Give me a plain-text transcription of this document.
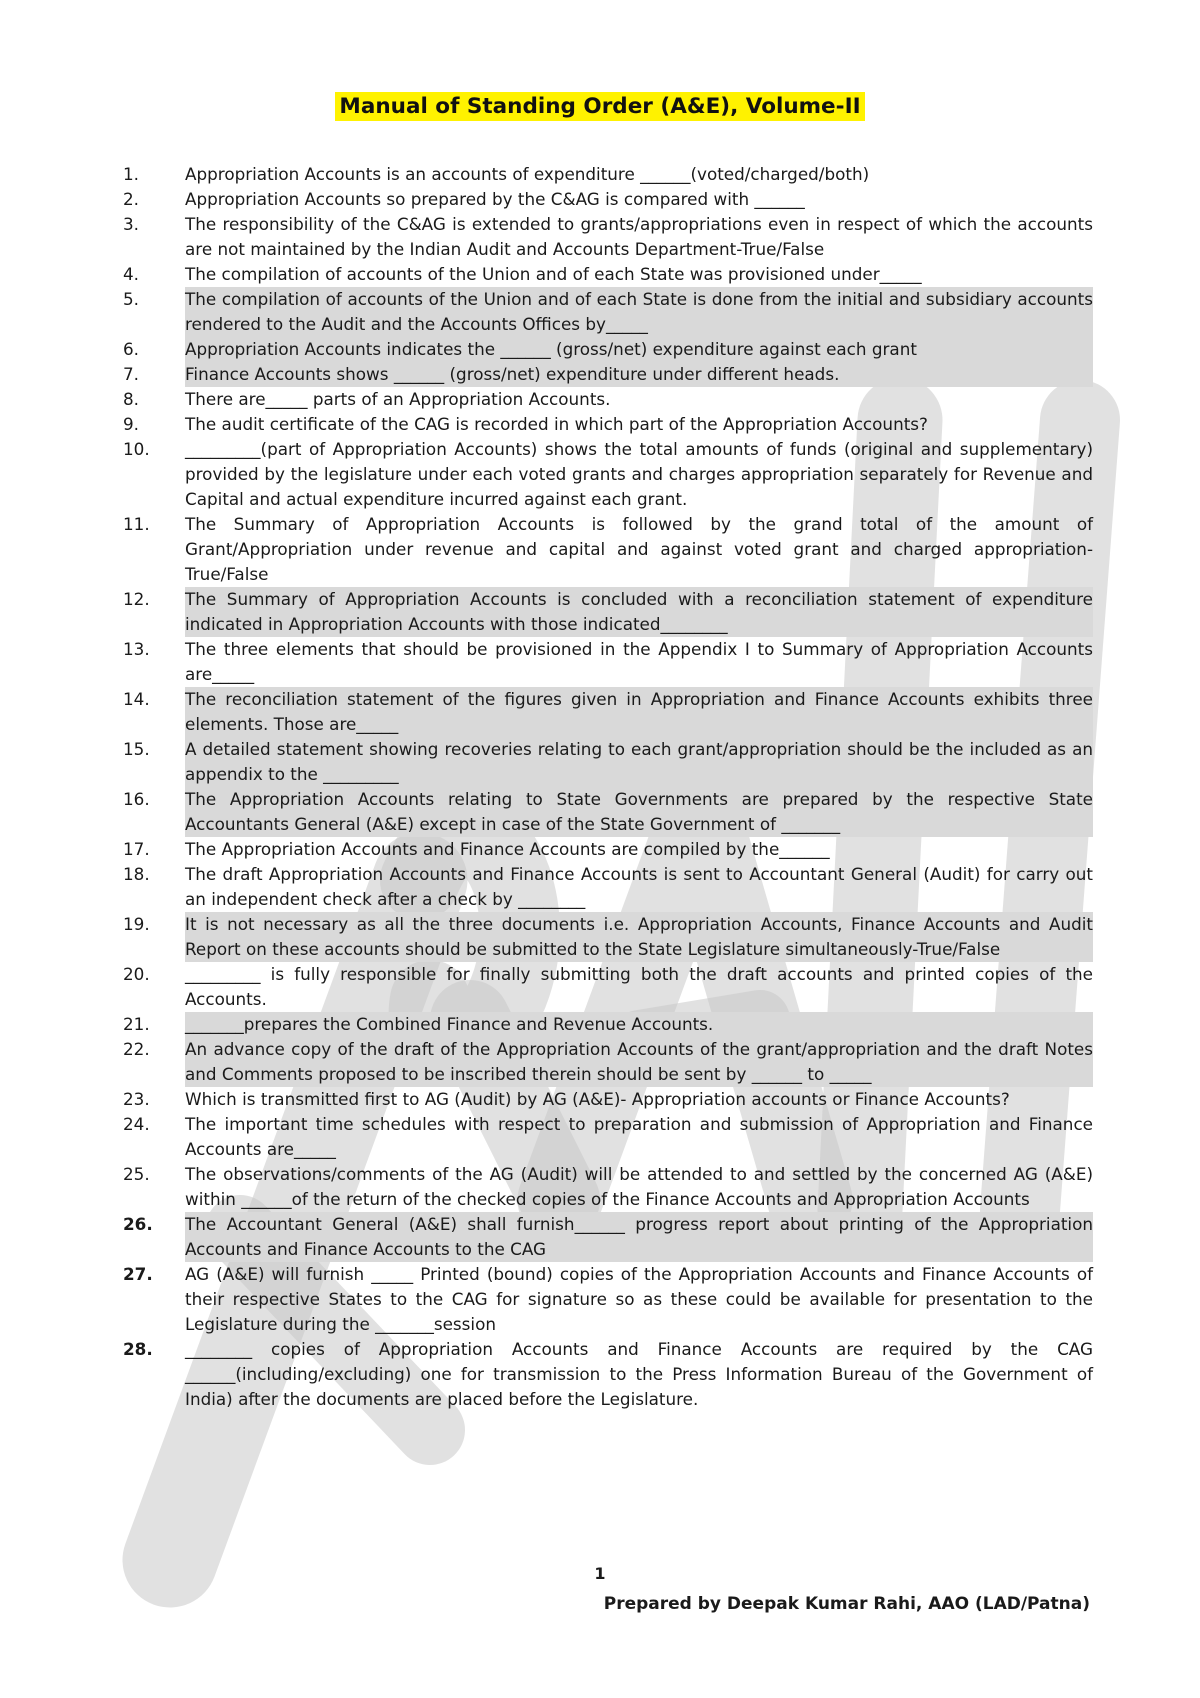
Manual of Standing Order (A&E), Volume-II
1.	Appropriation Accounts is an accounts of expenditure ______(voted/charged/both)
2.	Appropriation Accounts so prepared by the C&AG is compared with ______
3.	The responsibility of the C&AG is extended to grants/appropriations even in respect of which the accounts are not maintained by the Indian Audit and Accounts Department-True/False
4.	The compilation of accounts of the Union and of each State was provisioned under_____
5.	The compilation of accounts of the Union and of each State is done from the initial and subsidiary accounts rendered to the Audit and the Accounts Offices by_____
6.	Appropriation Accounts indicates the ______ (gross/net) expenditure against each grant
7.	Finance Accounts shows ______ (gross/net) expenditure under different heads.
8.	There are_____ parts of an Appropriation Accounts.
9.	The audit certificate of the CAG is recorded in which part of the Appropriation Accounts?
10.	_________(part of Appropriation Accounts) shows the total amounts of funds (original and supplementary) provided by the legislature under each voted grants and charges appropriation separately for Revenue and Capital and actual expenditure incurred against each grant.
11.	The Summary of Appropriation Accounts is followed by the grand total of the amount of Grant/Appropriation under revenue and capital and against voted grant and charged appropriation-True/False
12.	The Summary of Appropriation Accounts is concluded with a reconciliation statement of expenditure indicated in Appropriation Accounts with those indicated________
13.	The three elements that should be provisioned in the Appendix I to Summary of Appropriation Accounts are_____
14.	The reconciliation statement of the figures given in Appropriation and Finance Accounts exhibits three elements. Those are_____
15.	A detailed statement showing recoveries relating to each grant/appropriation should be the included as an appendix to the _________
16.	The Appropriation Accounts relating to State Governments are prepared by the respective State Accountants General (A&E) except in case of the State Government of _______
17.	The Appropriation Accounts and Finance Accounts are compiled by the______
18.	The draft Appropriation Accounts and Finance Accounts is sent to Accountant General (Audit) for carry out an independent check after a check by ________
19.	It is not necessary as all the three documents i.e. Appropriation Accounts, Finance Accounts and Audit Report on these accounts should be submitted to the State Legislature simultaneously-True/False
20.	_________ is fully responsible for finally submitting both the draft accounts and printed copies of the Accounts.
21.	_______prepares the Combined Finance and Revenue Accounts.
22.	An advance copy of the draft of the Appropriation Accounts of the grant/appropriation and the draft Notes and Comments proposed to be inscribed therein should be sent by ______ to _____
23.	Which is transmitted first to AG (Audit) by AG (A&E)- Appropriation accounts or Finance Accounts?
24.	The important time schedules with respect to preparation and submission of Appropriation and Finance Accounts are_____
25.	The observations/comments of the AG (Audit) will be attended to and settled by the concerned AG (A&E) within ______of the return of the checked copies of the Finance Accounts and Appropriation Accounts
26.	The Accountant General (A&E) shall furnish______ progress report about printing of the Appropriation Accounts and Finance Accounts to the CAG
27.	AG (A&E) will furnish _____ Printed (bound) copies of the Appropriation Accounts and Finance Accounts of their respective States to the CAG for signature so as these could be available for presentation to the Legislature during the _______session
28.	________ copies of Appropriation Accounts and Finance Accounts are required by the CAG ______(including/excluding) one for transmission to the Press Information Bureau of the Government of India) after the documents are placed before the Legislature.
1
Prepared by Deepak Kumar Rahi, AAO (LAD/Patna)
